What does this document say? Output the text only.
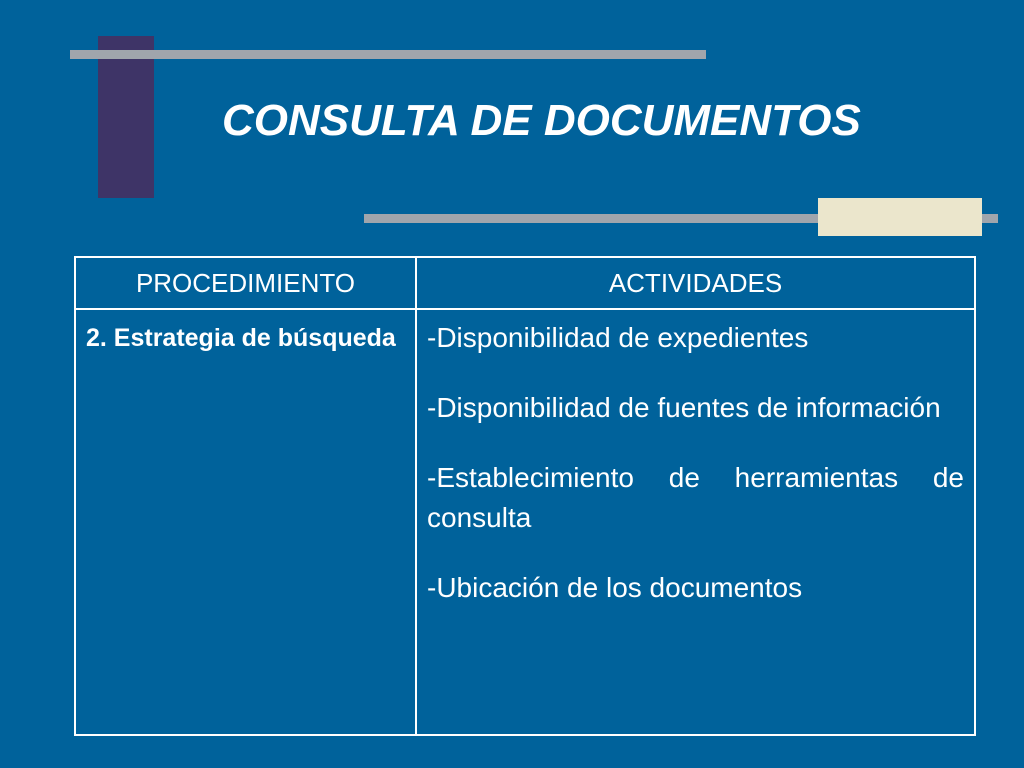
CONSULTA DE DOCUMENTOS
PROCEDIMIENTO	ACTIVIDADES
2. Estrategia de búsqueda	-Disponibilidad de expedientes

-Disponibilidad de fuentes de información

-Establecimiento de herramientas de consulta

-Ubicación de los documentos
